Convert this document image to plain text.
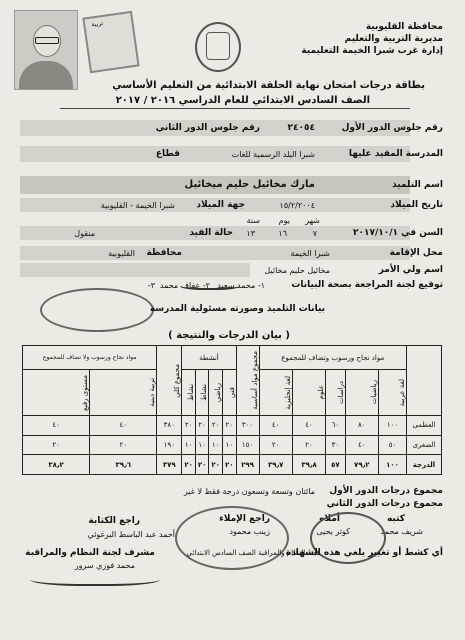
محافظة القليوبية
مديرية التربية والتعليم
إدارة غرب شبرا الخيمة التعليمية
تربية
بطاقة درجات امتحان نهاية الحلقة الابتدائية من التعليم الأساسي
الصف السادس الابتدائي للعام الدراسي ٢٠١٦ / ٢٠١٧
رقم جلوس الدور الأول
٢٤٠٥٤
رقم جلوس الدور الثاني
المدرسة المقيد عليها
شبرا البلد الرسمية للغات
قطاع
اسم التلميذ
مارك مخائيل حليم ميخائيل
تاريخ الميلاد
١٥/٢/٢٠٠٤
جهة الميلاد
شبرا الخيمة - القليوبية
يوم شهر
سنة
السن في ٢٠١٧/١٠/١
١٦	٧
١٣
حالة القيد
منقول
محل الإقامة
شبرا الخيمة
محافظة
القليوبية
اسم ولي الأمر
مخائيل حليم مخائيل
توقيع لجنة المراجعة بصحة البيانات
١- محمد سعيد
٢- عفاف محمد
٣-
بيانات التلميذ وصورته مسئولية المدرسة
( بيان الدرجات والنتيجة )
	مواد نجاح ورسوب وتضاف للمجموع					مجموع مواد أساسية	أنشطة				مجموع كلي	مواد نجاح ورسوب ولا تضاف للمجموع	

	لغة عربية	رياضيات	دراسات	علوم	لغة إنجليزية		فني	رياضي	نشاط	نشاط		تربية دينية	مستوى رفيع

العظمى	١٠٠	٨٠	٦٠	٤٠	٤٠	٣٠٠	٢٠	٢٠	٢٠	٢٠	٣٨٠	٤٠	٤٠
الصغرى	٥٠	٤٠	٣٠	٢٠	٢٠	١٥٠	١٠	١٠	١٠	١٠	١٩٠	٢٠	٢٠
الدرجة	١٠٠	٧٩٫٢	٥٧	٣٩٫٨	٣٩٫٧	٢٩٩	٢٠	٢٠	٢٠	٢٠	٣٧٩	٣٩٫٦	٣٨٫٢
مجموع درجات الدور الأول
مائتان وتسعة وتسعون درجة فقط لا غير
مجموع درجات الدور الثاني
كتبه
شريف محمد
أملاه
كوثر يحيى
راجع الإملاء
زينب محمود
راجع الكتابة
أحمد عبد الباسط البرغوثي
لجنة النظام والمراقبة الصف السادس الابتدائي
أي كشط أو تغيير يلغي هذه الشهادة
مشرف لجنة النظام والمراقبة
محمد فوزي سرور
